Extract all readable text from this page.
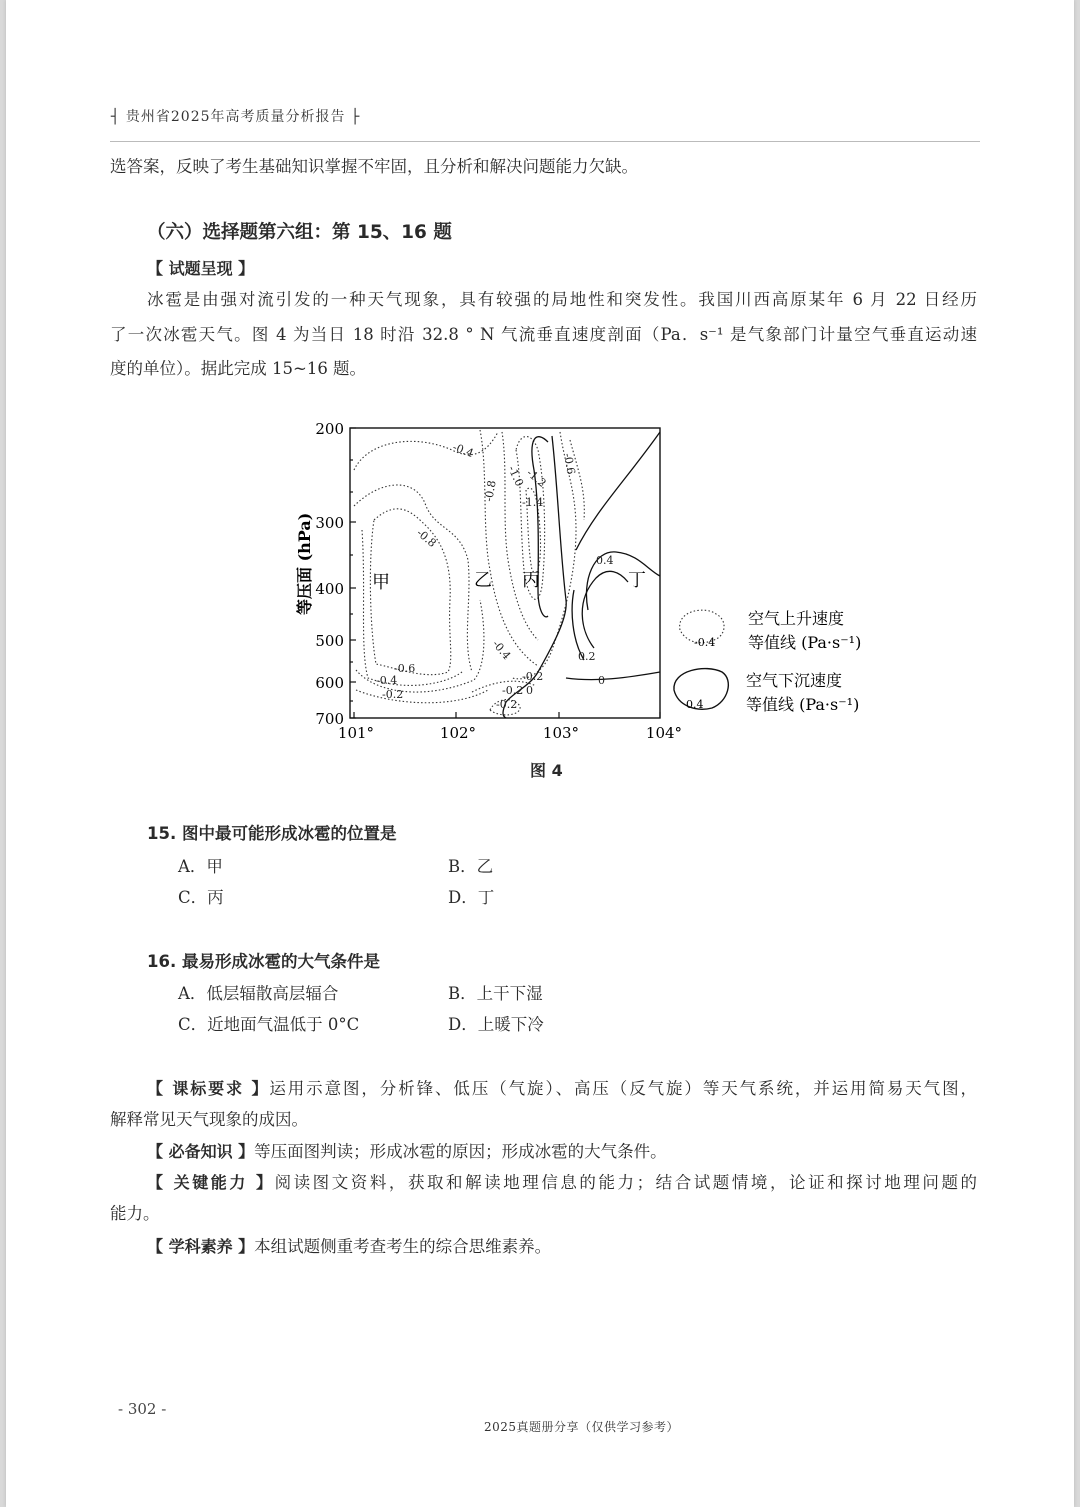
┤ 贵州省2025年高考质量分析报告 ├
选答案，反映了考生基础知识掌握不牢固，且分析和解决问题能力欠缺。
（六）选择题第六组：第 15、16 题
【 试题呈现 】
冰雹是由强对流引发的一种天气现象，具有较强的局地性和突发性。我国川西高原某年 6 月 22 日经历
了一次冰雹天气。图 4 为当日 18 时沿 32.8 ° N 气流垂直速度剖面（Pa．s⁻¹ 是气象部门计量空气垂直运动速
度的单位）。据此完成 15~16 题。
200
300
400
500
600
700
101°	102°	103°	104°
等压面 (hPa)
-0.4
-1.0
-1.2
-0.6
-0.8 -1.4
-0.8
0.4
-0.6
-0.4
-0.2
-0.4
-0.2
0.2
0
-0.2 0
-0.2
甲	乙 丙	丁
-0.4
空气上升速度
等值线 (Pa·s⁻¹)
0.4
空气下沉速度
等值线 (Pa·s⁻¹)
图 4
15. 图中最可能形成冰雹的位置是
A．甲	B．乙
C．丙	D．丁
16. 最易形成冰雹的大气条件是
A．低层辐散高层辐合	B．上干下湿
C．近地面气温低于 0°C	D．上暖下冷
【 课标要求 】运用示意图，分析锋、低压（气旋）、高压（反气旋）等天气系统，并运用简易天气图，
解释常见天气现象的成因。
【 必备知识 】等压面图判读；形成冰雹的原因；形成冰雹的大气条件。
【 关键能力 】阅读图文资料，获取和解读地理信息的能力；结合试题情境，论证和探讨地理问题的
能力。
【 学科素养 】本组试题侧重考查考生的综合思维素养。
- 302 -
2025真题册分享（仅供学习参考）
